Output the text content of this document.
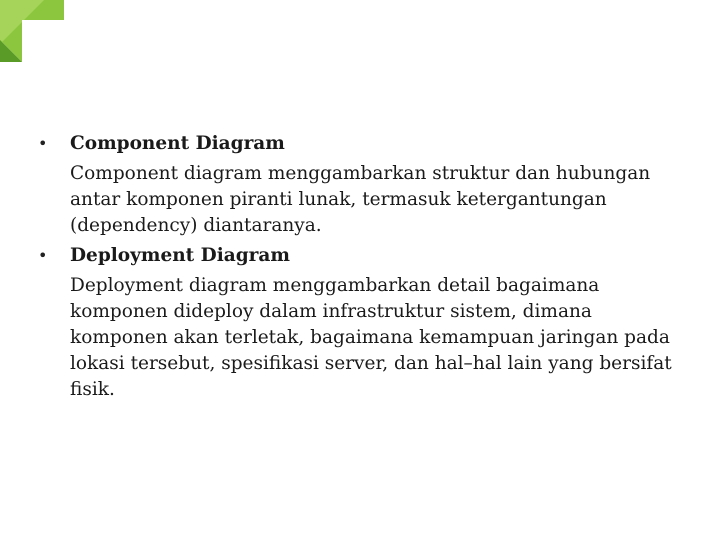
• Component Diagram
Component diagram menggambarkan struktur dan hubungan antar komponen piranti lunak, termasuk ketergantungan (dependency) diantaranya.
• Deployment Diagram
Deployment diagram menggambarkan detail bagaimana komponen dideploy dalam infrastruktur sistem, dimana komponen akan terletak, bagaimana kemampuan jaringan pada lokasi tersebut, spesifikasi server, dan hal–hal lain yang bersifat fisik.
